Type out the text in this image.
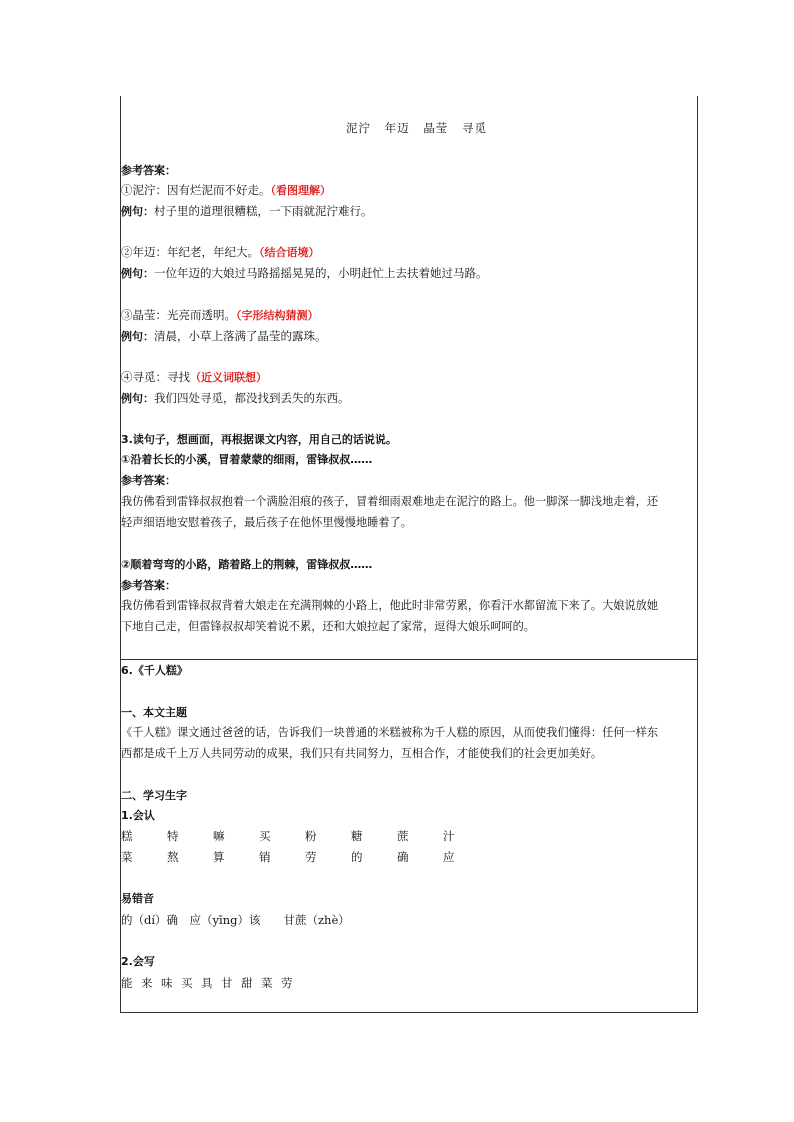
泥泞 年迈 晶莹 寻觅
参考答案：
①泥泞：因有烂泥而不好走。（看图理解）
例句：村子里的道理很糟糕，一下雨就泥泞难行。
②年迈：年纪老，年纪大。（结合语境）
例句：一位年迈的大娘过马路摇摇晃晃的，小明赶忙上去扶着她过马路。
③晶莹：光亮而透明。（字形结构猜测）
例句：清晨，小草上落满了晶莹的露珠。
④寻觅：寻找（近义词联想）
例句：我们四处寻觅，都没找到丢失的东西。
3.读句子，想画面，再根据课文内容，用自己的话说说。
①沿着长长的小溪，冒着蒙蒙的细雨，雷锋叔叔……
参考答案：
我仿佛看到雷锋叔叔抱着一个满脸泪痕的孩子，冒着细雨艰难地走在泥泞的路上。他一脚深一脚浅地走着，还
轻声细语地安慰着孩子，最后孩子在他怀里慢慢地睡着了。
②顺着弯弯的小路，踏着路上的荆棘，雷锋叔叔……
参考答案：
我仿佛看到雷锋叔叔背着大娘走在充满荆棘的小路上，他此时非常劳累，你看汗水都留流下来了。大娘说放她
下地自己走，但雷锋叔叔却笑着说不累，还和大娘拉起了家常，逗得大娘乐呵呵的。
6.《千人糕》
一、本文主题
《千人糕》课文通过爸爸的话，告诉我们一块普通的米糕被称为千人糕的原因，从而使我们懂得：任何一样东
西都是成千上万人共同劳动的成果，我们只有共同努力，互相合作，才能使我们的社会更加美好。
二、学习生字
1.会认
糕	特	嘛	买	粉	糖	蔗	汁
菜	熬	算	销	劳	的	确	应
易错音
的（dí）确　应（yīng）该　　甘蔗（zhè）
2.会写
能 来 味 买 具 甘 甜 菜 劳
